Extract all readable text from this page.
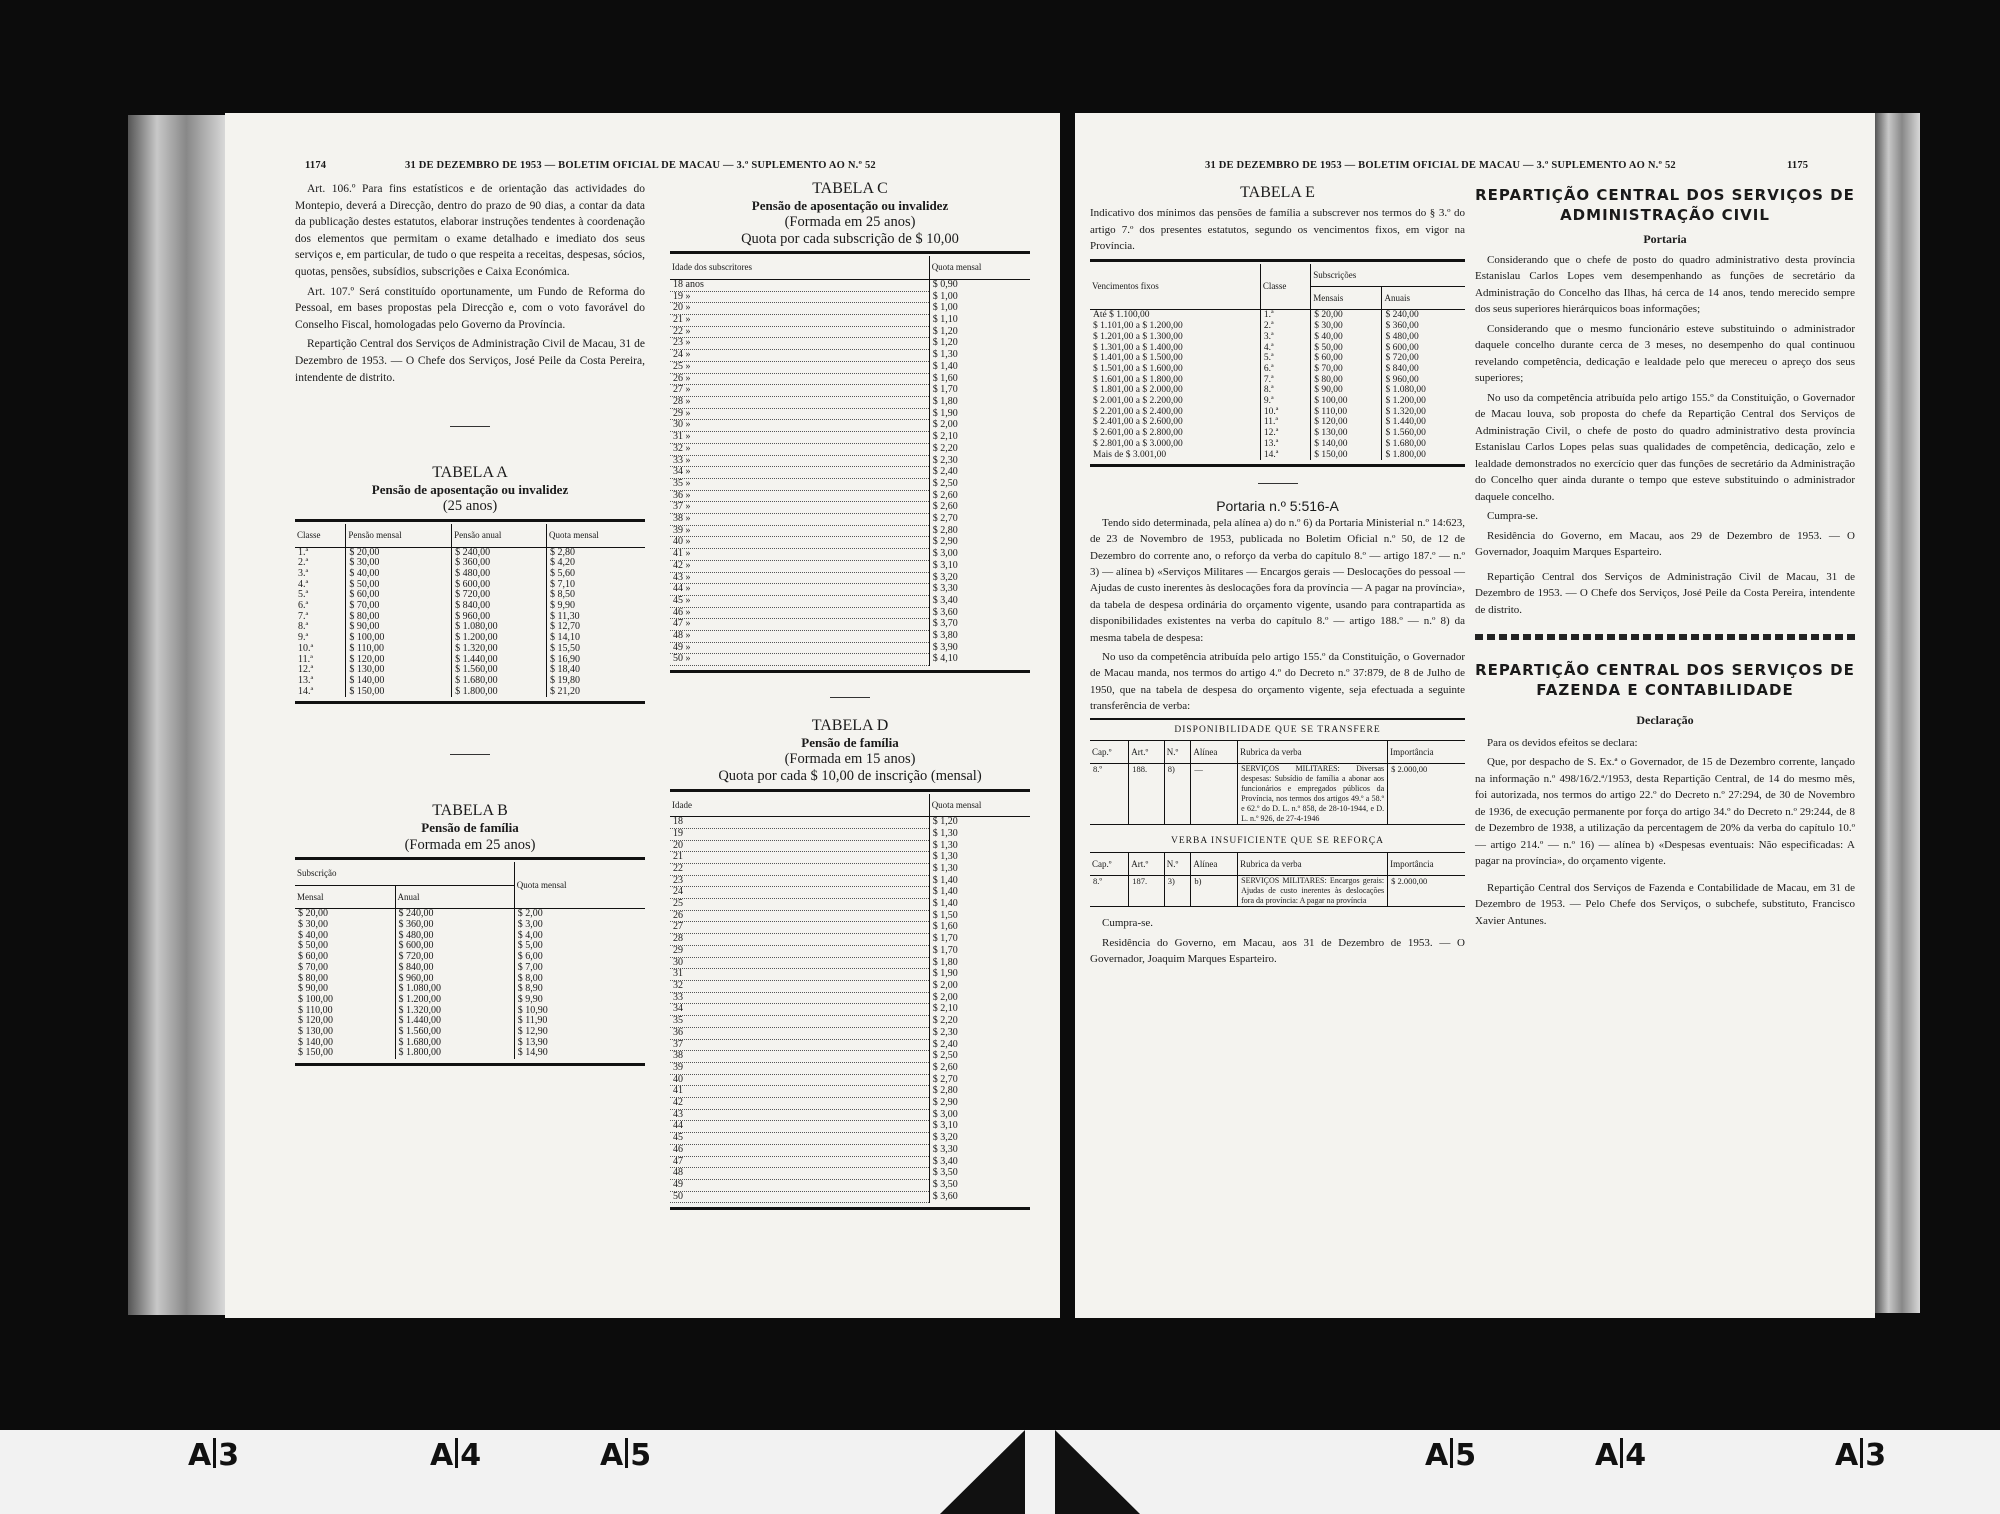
1174	31 DE DEZEMBRO DE 1953 — BOLETIM OFICIAL DE MACAU — 3.º SUPLEMENTO AO N.º 52

Art. 106.º Para fins estatísticos e de orientação das actividades do Montepio, deverá a Direcção, dentro do prazo de 90 dias, a contar da data da publicação destes estatutos, elaborar instruções tendentes à coordenação dos elementos que permitam o exame detalhado e imediato dos seus serviços e, em particular, de tudo o que respeita a receitas, despesas, sócios, quotas, pensões, subsídios, subscrições e Caixa Económica.

Art. 107.º Será constituído oportunamente, um Fundo de Reforma do Pessoal, em bases propostas pela Direcção e, com o voto favorável do Conselho Fiscal, homologadas pelo Governo da Província.

Repartição Central dos Serviços de Administração Civil de Macau, 31 de Dezembro de 1953. — O Chefe dos Serviços, José Peile da Costa Pereira, intendente de distrito.

TABELA A
Pensão de aposentação ou invalidez
(25 anos)
Classe	Pensão mensal	Pensão anual	Quota mensal
1.ª	$ 20,00	$ 240,00	$ 2,80
2.ª	$ 30,00	$ 360,00	$ 4,20
3.ª	$ 40,00	$ 480,00	$ 5,60
4.ª	$ 50,00	$ 600,00	$ 7,10
5.ª	$ 60,00	$ 720,00	$ 8,50
6.ª	$ 70,00	$ 840,00	$ 9,90
7.ª	$ 80,00	$ 960,00	$ 11,30
8.ª	$ 90,00	$ 1.080,00	$ 12,70
9.ª	$ 100,00	$ 1.200,00	$ 14,10
10.ª	$ 110,00	$ 1.320,00	$ 15,50
11.ª	$ 120,00	$ 1.440,00	$ 16,90
12.ª	$ 130,00	$ 1.560,00	$ 18,40
13.ª	$ 140,00	$ 1.680,00	$ 19,80
14.ª	$ 150,00	$ 1.800,00	$ 21,20
TABELA B
Pensão de família
(Formada em 25 anos)
Subscrição		Quota mensal
Mensal	Anual	
$ 20,00	$ 240,00	$ 2,00
$ 30,00	$ 360,00	$ 3,00
$ 40,00	$ 480,00	$ 4,00
$ 50,00	$ 600,00	$ 5,00
$ 60,00	$ 720,00	$ 6,00
$ 70,00	$ 840,00	$ 7,00
$ 80,00	$ 960,00	$ 8,00
$ 90,00	$ 1.080,00	$ 8,90
$ 100,00	$ 1.200,00	$ 9,90
$ 110,00	$ 1.320,00	$ 10,90
$ 120,00	$ 1.440,00	$ 11,90
$ 130,00	$ 1.560,00	$ 12,90
$ 140,00	$ 1.680,00	$ 13,90
$ 150,00	$ 1.800,00	$ 14,90
TABELA C
Pensão de aposentação ou invalidez
(Formada em 25 anos)
Quota por cada subscrição de $ 10,00
Idade dos subscritores	Quota mensal
18 anos	$ 0,90
19 »	$ 1,00
20 »	$ 1,00
21 »	$ 1,10
22 »	$ 1,20
23 »	$ 1,20
24 »	$ 1,30
25 »	$ 1,40
26 »	$ 1,60
27 »	$ 1,70
28 »	$ 1,80
29 »	$ 1,90
30 »	$ 2,00
31 »	$ 2,10
32 »	$ 2,20
33 »	$ 2,30
34 »	$ 2,40
35 »	$ 2,50
36 »	$ 2,60
37 »	$ 2,60
38 »	$ 2,70
39 »	$ 2,80
40 »	$ 2,90
41 »	$ 3,00
42 »	$ 3,10
43 »	$ 3,20
44 »	$ 3,30
45 »	$ 3,40
46 »	$ 3,60
47 »	$ 3,70
48 »	$ 3,80
49 »	$ 3,90
50 »	$ 4,10
TABELA D
Pensão de família
(Formada em 15 anos)
Quota por cada $ 10,00 de inscrição (mensal)
Idade	Quota mensal
18	$ 1,20
19	$ 1,30
20	$ 1,30
21	$ 1,30
22	$ 1,30
23	$ 1,40
24	$ 1,40
25	$ 1,40
26	$ 1,50
27	$ 1,60
28	$ 1,70
29	$ 1,70
30	$ 1,80
31	$ 1,90
32	$ 2,00
33	$ 2,00
34	$ 2,10
35	$ 2,20
36	$ 2,30
37	$ 2,40
38	$ 2,50
39	$ 2,60
40	$ 2,70
41	$ 2,80
42	$ 2,90
43	$ 3,00
44	$ 3,10
45	$ 3,20
46	$ 3,30
47	$ 3,40
48	$ 3,50
49	$ 3,50
50	$ 3,60
31 DE DEZEMBRO DE 1953 — BOLETIM OFICIAL DE MACAU — 3.º SUPLEMENTO AO N.º 52	1175
TABELA E

Indicativo dos mínimos das pensões de família a subscrever nos termos do § 3.º do artigo 7.º dos presentes estatutos, segundo os vencimentos fixos, em vigor na Província.

Vencimentos fixos	Classe	Subscrições	
		Mensais	Anuais
Até $ 1.100,00	1.ª	$ 20,00	$ 240,00
$ 1.101,00 a $ 1.200,00	2.ª	$ 30,00	$ 360,00
$ 1.201,00 a $ 1.300,00	3.ª	$ 40,00	$ 480,00
$ 1.301,00 a $ 1.400,00	4.ª	$ 50,00	$ 600,00
$ 1.401,00 a $ 1.500,00	5.ª	$ 60,00	$ 720,00
$ 1.501,00 a $ 1.600,00	6.ª	$ 70,00	$ 840,00
$ 1.601,00 a $ 1.800,00	7.ª	$ 80,00	$ 960,00
$ 1.801,00 a $ 2.000,00	8.ª	$ 90,00	$ 1.080,00
$ 2.001,00 a $ 2.200,00	9.ª	$ 100,00	$ 1.200,00
$ 2.201,00 a $ 2.400,00	10.ª	$ 110,00	$ 1.320,00
$ 2.401,00 a $ 2.600,00	11.ª	$ 120,00	$ 1.440,00
$ 2.601,00 a $ 2.800,00	12.ª	$ 130,00	$ 1.560,00
$ 2.801,00 a $ 3.000,00	13.ª	$ 140,00	$ 1.680,00
Mais de $ 3.001,00	14.ª	$ 150,00	$ 1.800,00
Portaria n.º 5:516-A

Tendo sido determinada, pela alínea a) do n.º 6) da Portaria Ministerial n.º 14:623, de 23 de Novembro de 1953, publicada no Boletim Oficial n.º 50, de 12 de Dezembro do corrente ano, o reforço da verba do capítulo 8.º — artigo 187.º — n.º 3) — alínea b) «Serviços Militares — Encargos gerais — Deslocações do pessoal — Ajudas de custo inerentes às deslocações fora da província — A pagar na província», da tabela de despesa ordinária do orçamento vigente, usando para contrapartida as disponibilidades existentes na verba do capítulo 8.º — artigo 188.º — n.º 8) da mesma tabela de despesa:

No uso da competência atribuída pelo artigo 155.º da Constituição, o Governador de Macau manda, nos termos do artigo 4.º do Decreto n.º 37:879, de 8 de Julho de 1950, que na tabela de despesa do orçamento vigente, seja efectuada a seguinte transferência de verba:

DISPONIBILIDADE QUE SE TRANSFERE
Cap.º	Art.º	N.º	Alínea	Rubrica da verba	Importância
8.º	188.	8)	—	SERVIÇOS MILITARES: Diversas despesas: Subsídio de família a abonar aos funcionários e empregados públicos da Província, nos termos dos artigos 49.º a 58.º e 62.º do D. L. n.º 858, de 28-10-1944, e D. L. n.º 926, de 27-4-1946	$ 2.000,00
VERBA INSUFICIENTE QUE SE REFORÇA
Cap.º	Art.º	N.º	Alínea	Rubrica da verba	Importância
8.º	187.	3)	b)	SERVIÇOS MILITARES: Encargos gerais: Ajudas de custo inerentes às deslocações fora da província: A pagar na província	$ 2.000,00

Cumpra-se.

Residência do Governo, em Macau, aos 31 de Dezembro de 1953. — O Governador, Joaquim Marques Esparteiro.

REPARTIÇÃO CENTRAL DOS SERVIÇOS DE ADMINISTRAÇÃO CIVIL
Portaria

Considerando que o chefe de posto do quadro administrativo desta província Estanislau Carlos Lopes vem desempenhando as funções de secretário da Administração do Concelho das Ilhas, há cerca de 14 anos, tendo merecido sempre dos seus superiores hierárquicos boas informações;

Considerando que o mesmo funcionário esteve substituindo o administrador daquele concelho durante cerca de 3 meses, no desempenho do qual continuou revelando competência, dedicação e lealdade pelo que mereceu o apreço dos seus superiores;

No uso da competência atribuída pelo artigo 155.º da Constituição, o Governador de Macau louva, sob proposta do chefe da Repartição Central dos Serviços de Administração Civil, o chefe de posto do quadro administrativo desta província Estanislau Carlos Lopes pelas suas qualidades de competência, dedicação, zelo e lealdade demonstrados no exercício quer das funções de secretário da Administração do Concelho quer ainda durante o tempo que esteve substituindo o administrador daquele concelho.

Cumpra-se.

Residência do Governo, em Macau, aos 29 de Dezembro de 1953. — O Governador, Joaquim Marques Esparteiro.

Repartição Central dos Serviços de Administração Civil de Macau, 31 de Dezembro de 1953. — O Chefe dos Serviços, José Peile da Costa Pereira, intendente de distrito.

REPARTIÇÃO CENTRAL DOS SERVIÇOS DE FAZENDA E CONTABILIDADE
Declaração

Para os devidos efeitos se declara:

Que, por despacho de S. Ex.ª o Governador, de 15 de Dezembro corrente, lançado na informação n.º 498/16/2.ª/1953, desta Repartição Central, de 14 do mesmo mês, foi autorizada, nos termos do artigo 22.º do Decreto n.º 27:294, de 30 de Novembro de 1936, de execução permanente por força do artigo 34.º do Decreto n.º 29:244, de 8 de Dezembro de 1938, a utilização da percentagem de 20% da verba do capítulo 10.º — artigo 214.º — n.º 16) — alínea b) «Despesas eventuais: Não especificadas: A pagar na província», do orçamento vigente.

Repartição Central dos Serviços de Fazenda e Contabilidade de Macau, em 31 de Dezembro de 1953. — Pelo Chefe dos Serviços, o subchefe, substituto, Francisco Xavier Antunes.

A 3	A 4	A 5	A 5	A 4	A 3
